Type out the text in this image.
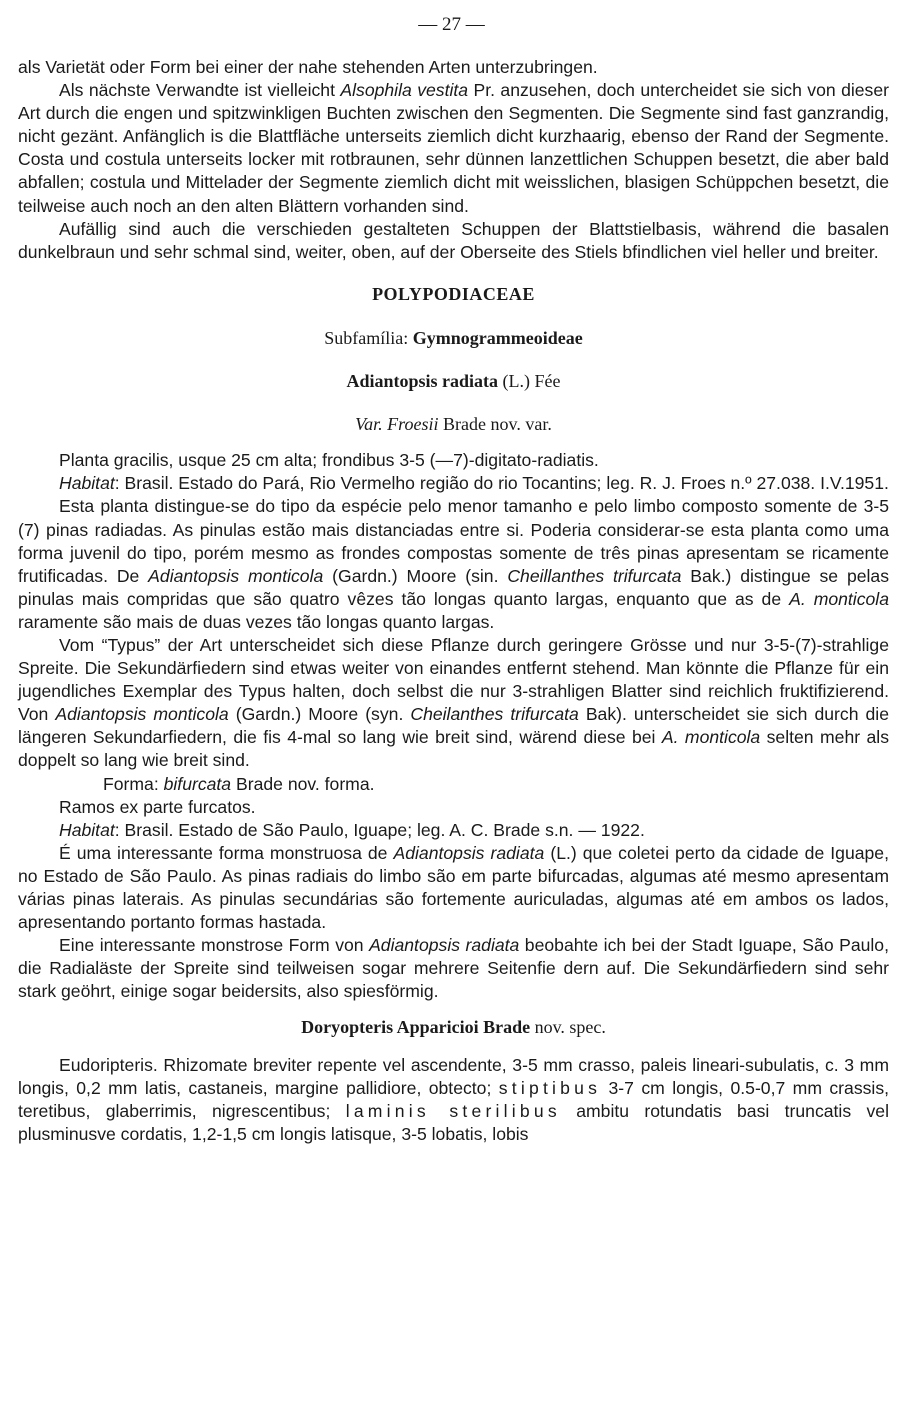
— 27 —

als Varietät oder Form bei einer der nahe stehenden Arten unterzubringen.

Als nächste Verwandte ist vielleicht Alsophila vestita Pr. anzusehen, doch untercheidet sie sich von dieser Art durch die engen und spitzwinkligen Buchten zwischen den Segmenten. Die Segmente sind fast ganzrandig, nicht gezänt. Anfänglich is die Blattfläche unterseits ziemlich dicht kurzhaarig, ebenso der Rand der Segmente. Costa und costula unterseits locker mit rotbraunen, sehr dünnen lanzettlichen Schuppen besetzt, die aber bald abfallen; costula und Mittelader der Segmente ziemlich dicht mit weisslichen, blasigen Schüppchen besetzt, die teilweise auch noch an den alten Blättern vorhanden sind.

Aufällig sind auch die verschieden gestalteten Schuppen der Blattstielbasis, während die basalen dunkelbraun und sehr schmal sind, weiter, oben, auf der Oberseite des Stiels bfindlichen viel heller und breiter.

POLYPODIACEAE
Subfamília: Gymnogrammeoideae
Adiantopsis radiata (L.) Fée
Var. Froesii Brade nov. var.

Planta gracilis, usque 25 cm alta; frondibus 3-5 (—7)-digitato-radiatis.

Habitat: Brasil. Estado do Pará, Rio Vermelho região do rio Tocantins; leg. R. J. Froes n.º 27.038. I.V.1951.

Esta planta distingue-se do tipo da espécie pelo menor tamanho e pelo limbo composto somente de 3-5 (7) pinas radiadas. As pinulas estão mais distanciadas entre si. Poderia considerar-se esta planta como uma forma juvenil do tipo, porém mesmo as frondes compostas somente de três pinas apresentam se ricamente frutificadas. De Adiantopsis monticola (Gardn.) Moore (sin. Cheillanthes trifurcata Bak.) distingue se pelas pinulas mais compridas que são quatro vêzes tão longas quanto largas, enquanto que as de A. monticola raramente são mais de duas vezes tão longas quanto largas.

Vom “Typus” der Art unterscheidet sich diese Pflanze durch geringere Grösse und nur 3-5-(7)-strahlige Spreite. Die Sekundärfiedern sind etwas weiter von einandes entfernt stehend. Man könnte die Pflanze für ein jugendliches Exemplar des Typus halten, doch selbst die nur 3-strahligen Blatter sind reichlich fruktifizierend. Von Adiantopsis monticola (Gardn.) Moore (syn. Cheilanthes trifurcata Bak). unterscheidet sie sich durch die längeren Sekundarfiedern, die fis 4-mal so lang wie breit sind, wärend diese bei A. monticola selten mehr als doppelt so lang wie breit sind.

Forma: bifurcata Brade nov. forma.

Ramos ex parte furcatos.

Habitat: Brasil. Estado de São Paulo, Iguape; leg. A. C. Brade s.n. — 1922.

É uma interessante forma monstruosa de Adiantopsis radiata (L.) que coletei perto da cidade de Iguape, no Estado de São Paulo. As pinas radiais do limbo são em parte bifurcadas, algumas até mesmo apresentam várias pinas laterais. As pinulas secundárias são fortemente auriculadas, algumas até em ambos os lados, apresentando portanto formas hastada.

Eine interessante monstrose Form von Adiantopsis radiata beobahte ich bei der Stadt Iguape, São Paulo, die Radialäste der Spreite sind teilweisen sogar mehrere Seitenfie dern auf. Die Sekundärfiedern sind sehr stark geöhrt, einige sogar beidersits, also spiesförmig.

Doryopteris Apparicioi Brade nov. spec.

Eudoripteris. Rhizomate breviter repente vel ascendente, 3-5 mm crasso, paleis lineari-subulatis, c. 3 mm longis, 0,2 mm latis, castaneis, margine pallidiore, obtecto; stiptibus 3-7 cm longis, 0.5-0,7 mm crassis, teretibus, glaberrimis, nigrescentibus; laminis sterilibus ambitu rotundatis basi truncatis vel plusminusve cordatis, 1,2-1,5 cm longis latisque, 3-5 lobatis, lobis
